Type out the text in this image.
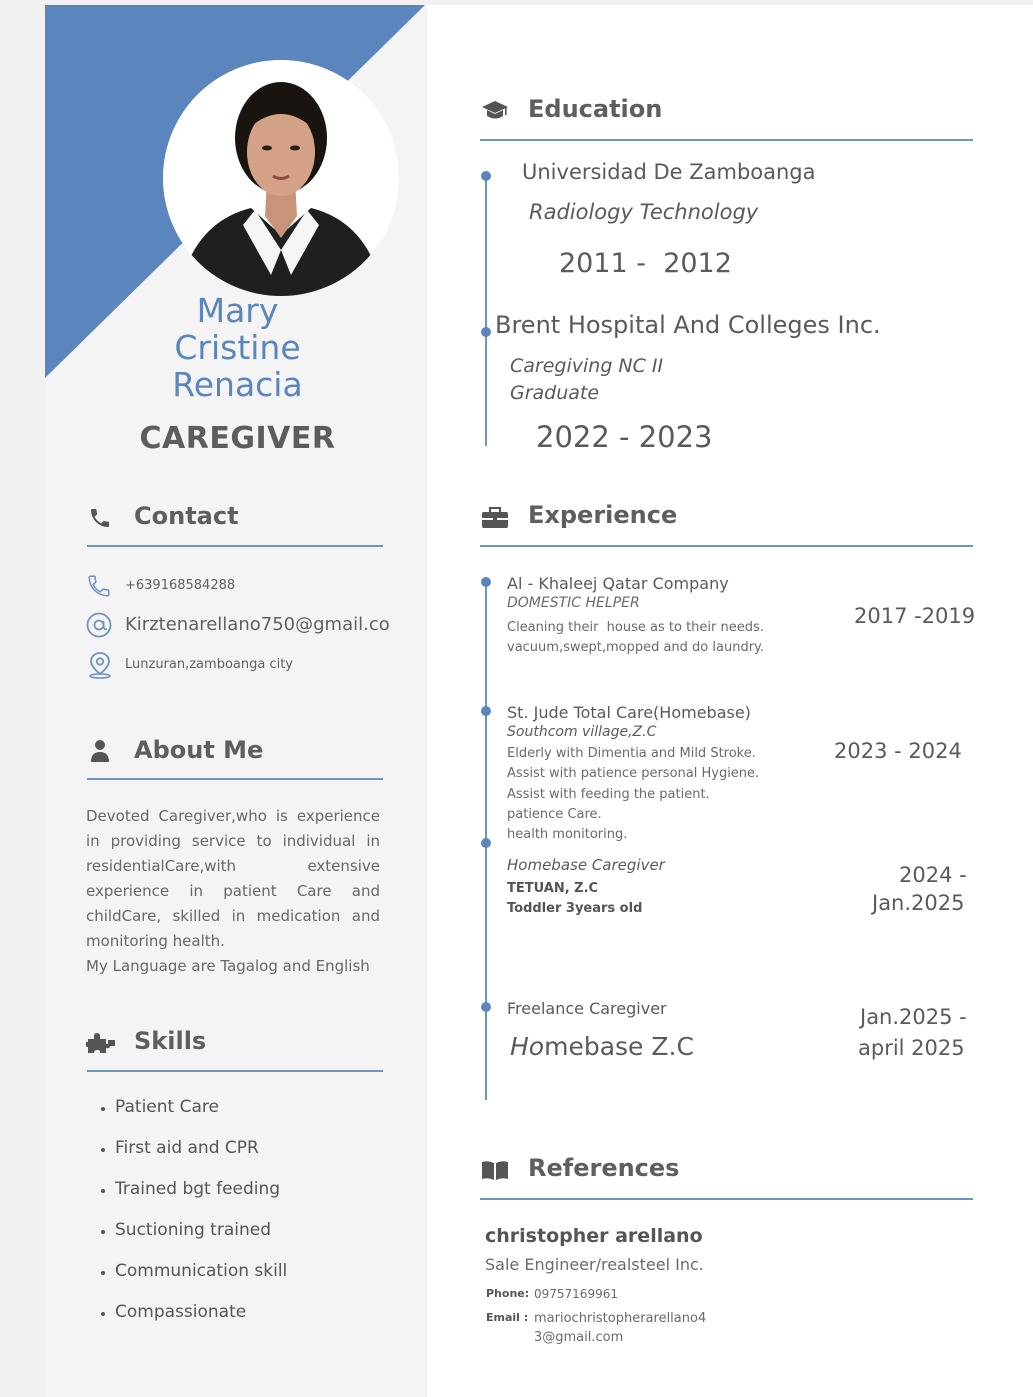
Mary
Cristine
Renacia
CAREGIVER
Contact
+639168584288
Kirztenarellano750@gmail.co
Lunzuran,zamboanga city
About Me

Devoted Caregiver,who is experience in providing service to individual in residentialCare,with extensive experience in patient Care and childCare, skilled in medication and monitoring health.

My Language are Tagalog and English

Skills
• Patient Care
• First aid and CPR
• Trained bgt feeding
• Suctioning trained
• Communication skill
• Compassionate
Education
Universidad De Zamboanga
Radiology Technology
2011 -  2012
Brent Hospital And Colleges Inc.
Caregiving NC II
Graduate
2022 - 2023
Experience
Al - Khaleej Qatar Company
DOMESTIC HELPER
Cleaning their  house as to their needs.
vacuum,swept,mopped and do laundry.
2017 -2019
St. Jude Total Care(Homebase)
Southcom village,Z.C
Elderly with Dimentia and Mild Stroke.
Assist with patience personal Hygiene.
Assist with feeding the patient.
patience Care.
health monitoring.
2023 - 2024
Homebase Caregiver
TETUAN, Z.C
Toddler 3years old
2024 -
Jan.2025
Freelance Caregiver
Homebase Z.C
Jan.2025 -
april 2025
References
christopher arellano
Sale Engineer/realsteel Inc.
Phone: 09757169961
Email : mariochristopherarellano4
3@gmail.com
